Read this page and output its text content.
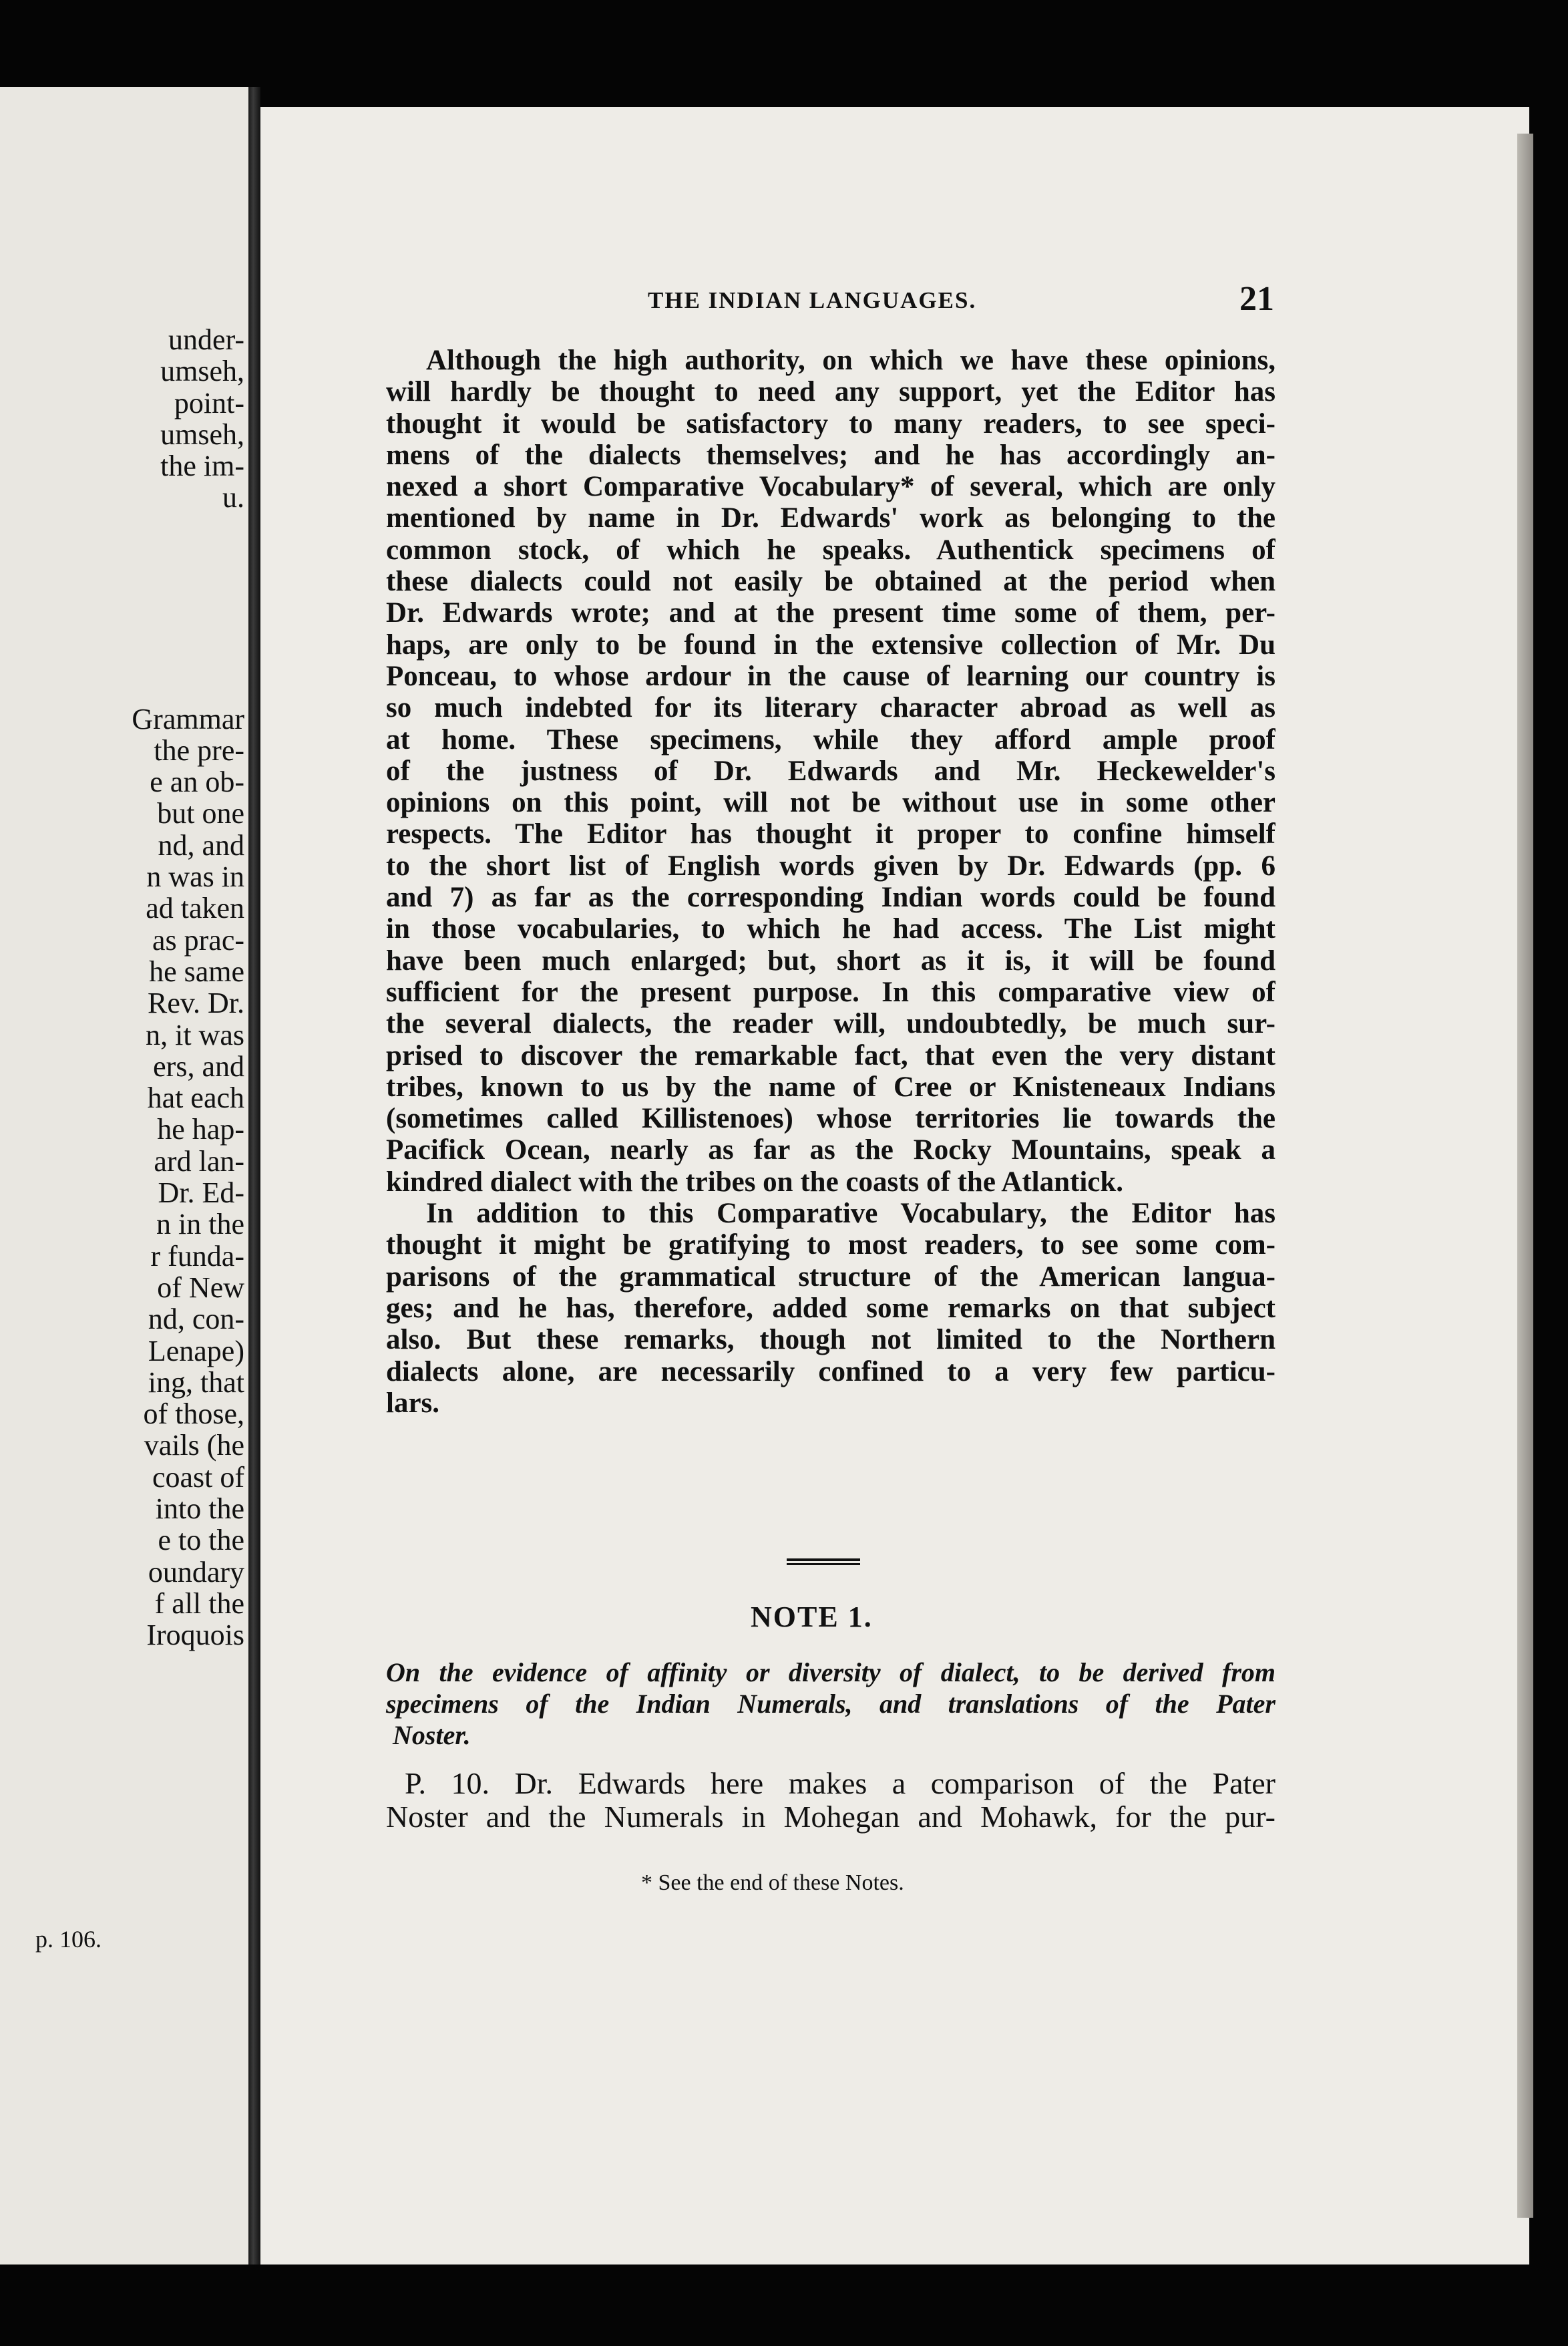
under-
umseh,
point-
umseh,
the im-
u.
Grammar
the pre-
e an ob-
but one
nd, and
n was in
ad taken
as prac-
he same
Rev. Dr.
n, it was
ers, and
hat each
he hap-
ard lan-
Dr. Ed-
n in the
r funda-
of New
nd, con-
Lenape)
ing, that
of those,
vails (he
coast of
into the
e to the
oundary
f all the
Iroquois
p. 106.
THE INDIAN LANGUAGES.	21
Although the high authority, on which we have these opinions,
will hardly be thought to need any support, yet the Editor has
thought it would be satisfactory to many readers, to see speci-
mens of the dialects themselves; and he has accordingly an-
nexed a short Comparative Vocabulary* of several, which are only
mentioned by name in Dr. Edwards' work as belonging to the
common stock, of which he speaks. Authentick specimens of
these dialects could not easily be obtained at the period when
Dr. Edwards wrote; and at the present time some of them, per-
haps, are only to be found in the extensive collection of Mr. Du
Ponceau, to whose ardour in the cause of learning our country is
so much indebted for its literary character abroad as well as
at home. These specimens, while they afford ample proof
of the justness of Dr. Edwards and Mr. Heckewelder's
opinions on this point, will not be without use in some other
respects. The Editor has thought it proper to confine himself
to the short list of English words given by Dr. Edwards (pp. 6
and 7) as far as the corresponding Indian words could be found
in those vocabularies, to which he had access. The List might
have been much enlarged; but, short as it is, it will be found
sufficient for the present purpose. In this comparative view of
the several dialects, the reader will, undoubtedly, be much sur-
prised to discover the remarkable fact, that even the very distant
tribes, known to us by the name of Cree or Knisteneaux Indians
(sometimes called Killistenoes) whose territories lie towards the
Pacifick Ocean, nearly as far as the Rocky Mountains, speak a
kindred dialect with the tribes on the coasts of the Atlantick.
In addition to this Comparative Vocabulary, the Editor has
thought it might be gratifying to most readers, to see some com-
parisons of the grammatical structure of the American langua-
ges; and he has, therefore, added some remarks on that subject
also. But these remarks, though not limited to the Northern
dialects alone, are necessarily confined to a very few particu-
lars.
NOTE 1.
On the evidence of affinity or diversity of dialect, to be derived from
specimens of the Indian Numerals, and translations of the Pater
Noster.
P. 10. Dr. Edwards here makes a comparison of the Pater
Noster and the Numerals in Mohegan and Mohawk, for the pur-
* See the end of these Notes.
